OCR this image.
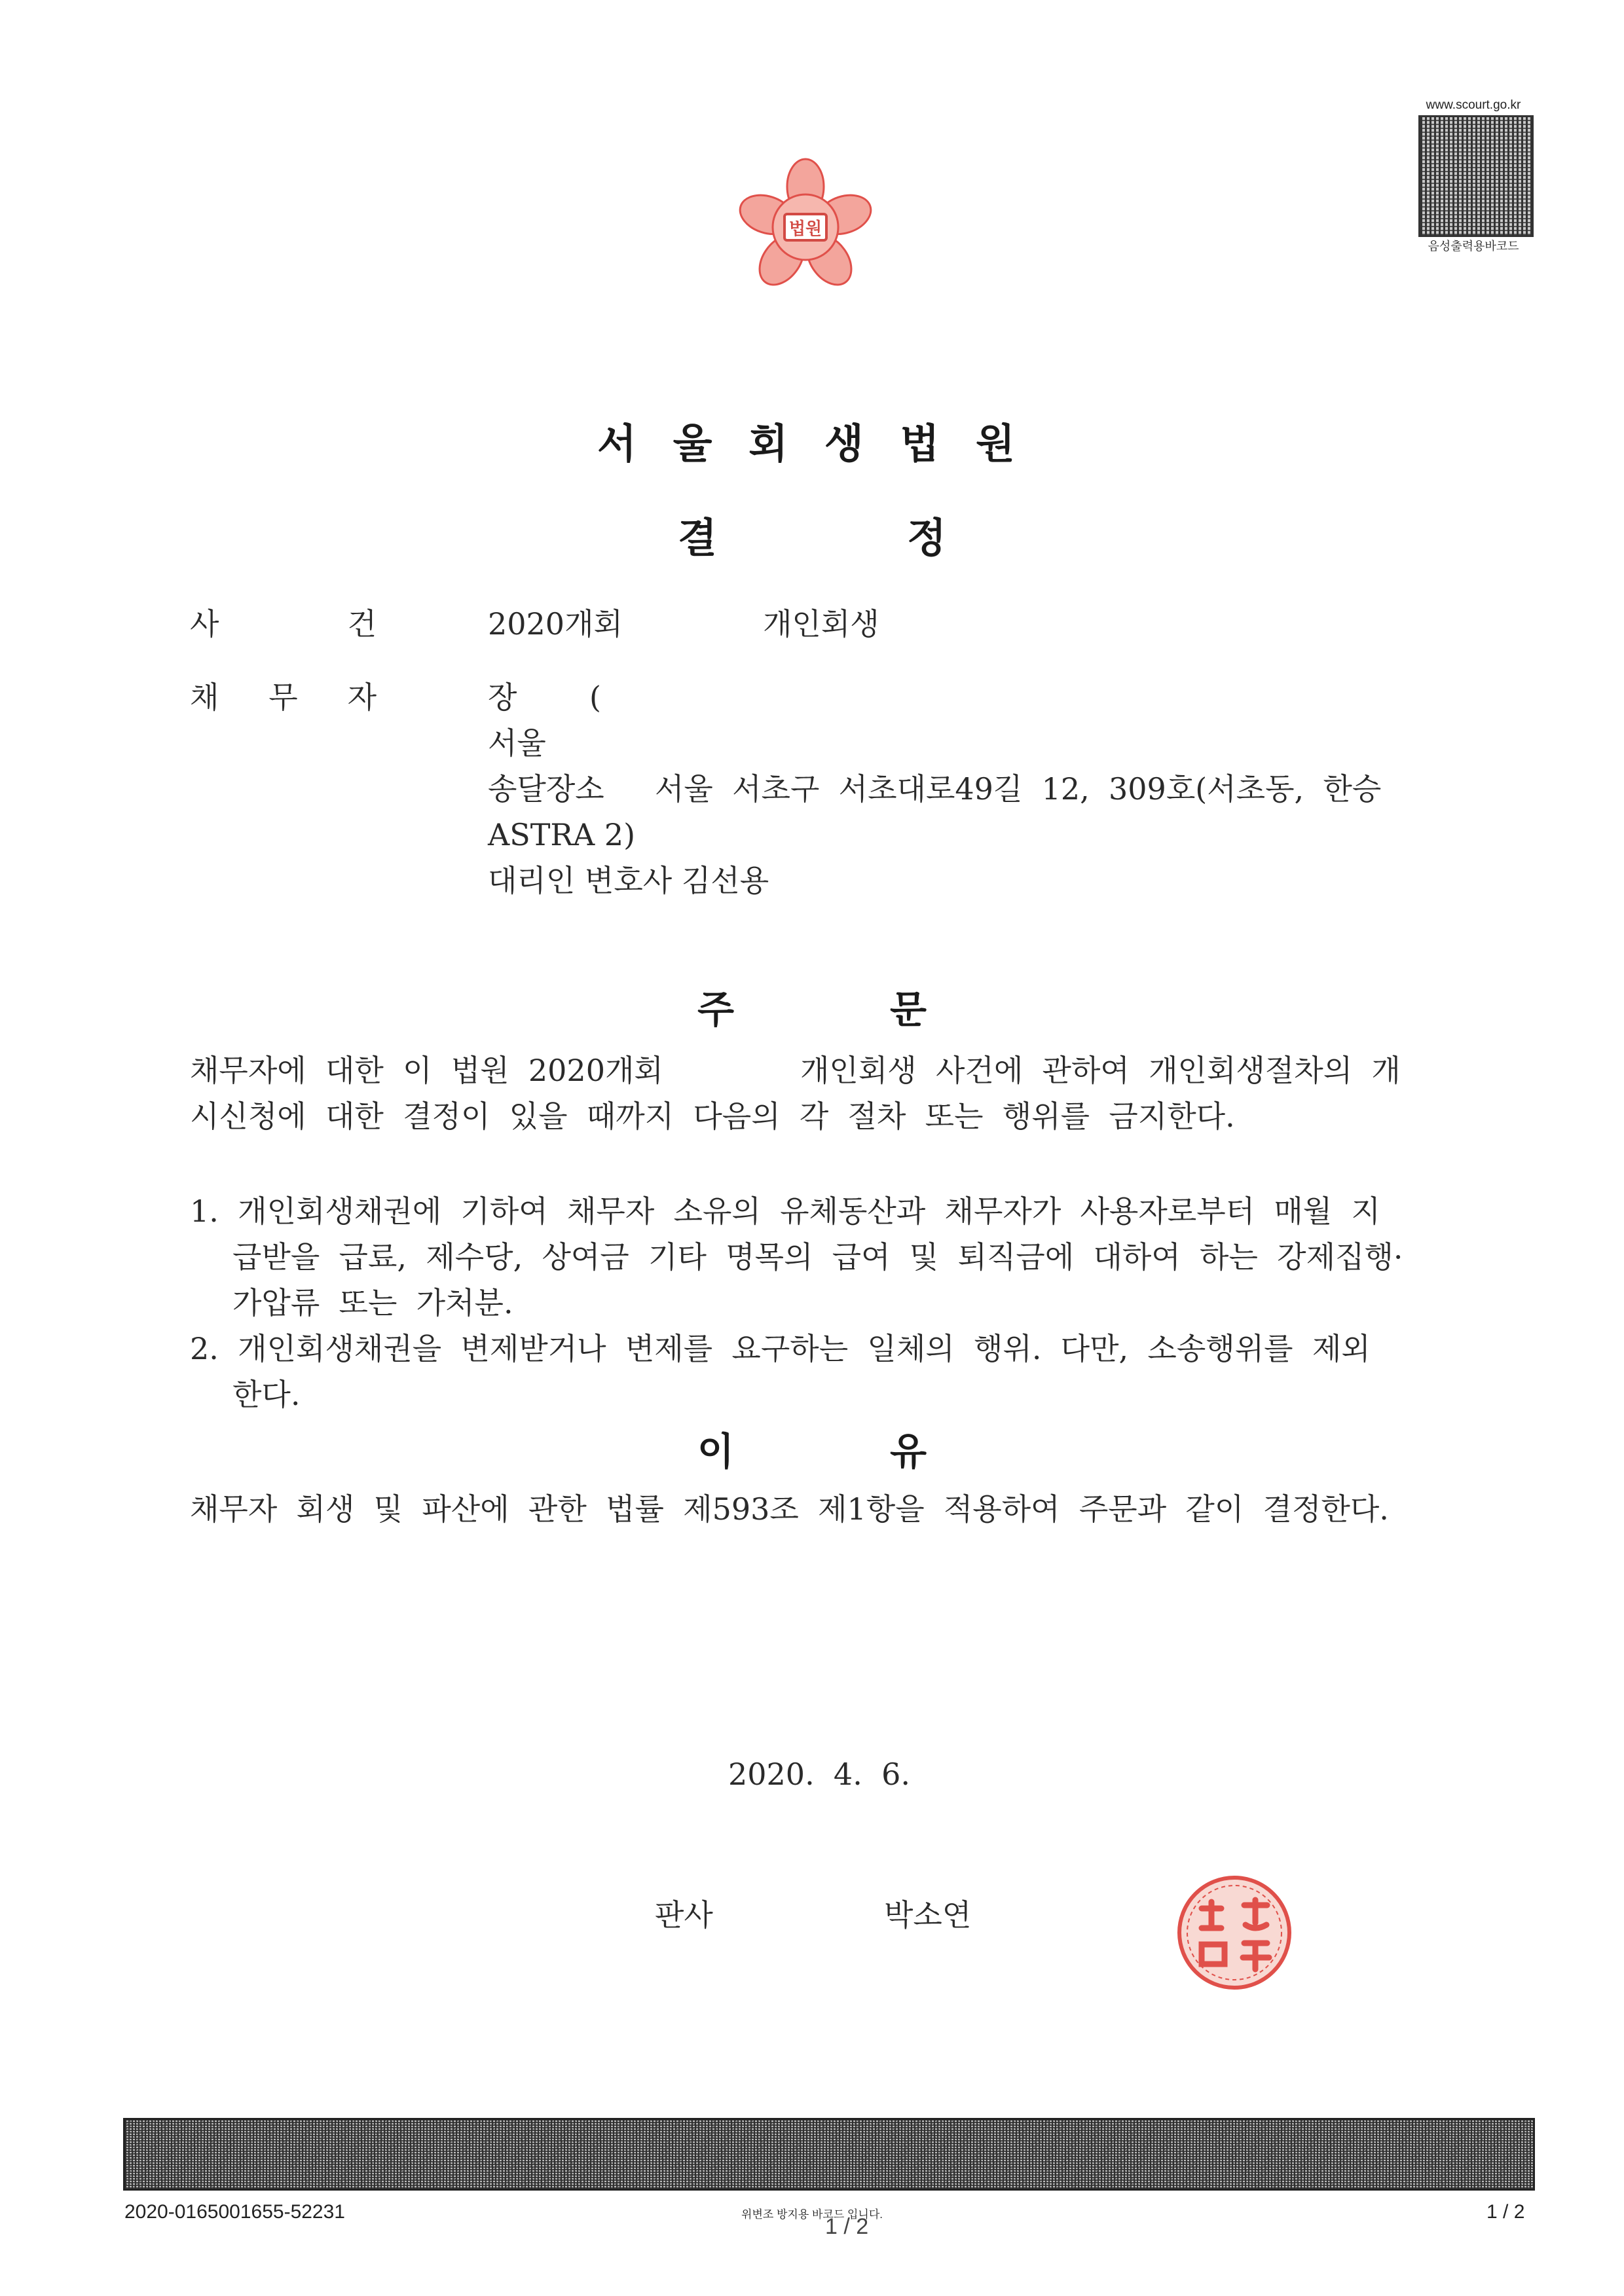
법원
www.scourt.go.kr
음성출력용바코드
서 울 회 생 법 원
결	정
사	건	2020개회	개인회생
채 무 자	장 (
서울
송달장소 서울  서초구  서초대로49길  12,  309호(서초동,  한승
ASTRA 2)
대리인 변호사 김선용
주	문
채무자에  대한  이  법원  2020개회	개인회생  사건에  관하여  개인회생절차의  개
시신청에  대한  결정이  있을  때까지  다음의  각  절차  또는  행위를  금지한다.
1.  개인회생채권에  기하여  채무자  소유의  유체동산과  채무자가  사용자로부터  매월  지
급받을  급료,  제수당,  상여금  기타  명목의  급여  및  퇴직금에  대하여  하는  강제집행·
가압류  또는  가처분.
2.  개인회생채권을  변제받거나  변제를  요구하는  일체의  행위.  다만,  소송행위를  제외
한다.
이	유
채무자  회생  및  파산에  관한  법률  제593조  제1항을  적용하여  주문과  같이  결정한다.
2020.  4.  6.
판사	박소연
2020-0165001655-52231	위변조 방지용 바코드 입니다.
1 / 2
1 / 2
